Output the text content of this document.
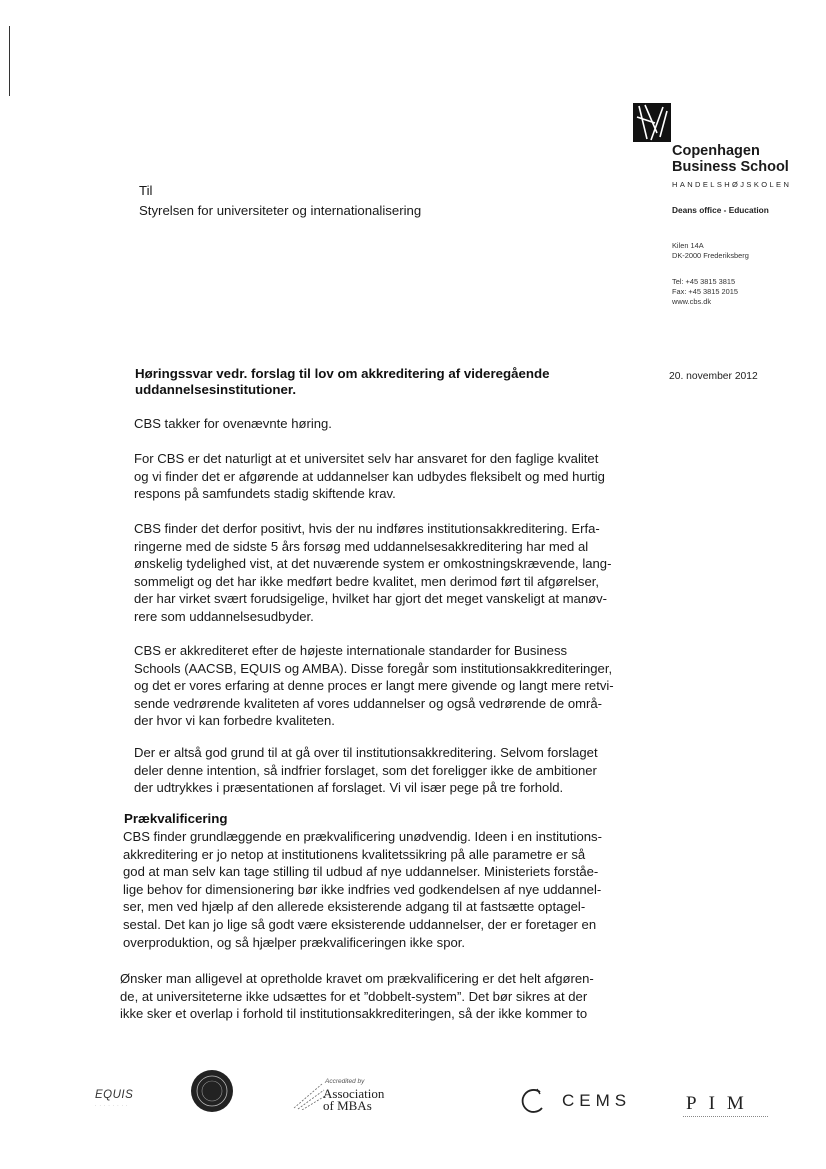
Copenhagen
Business School
HANDELSHØJSKOLEN
Deans office - Education
Kilen 14A
DK-2000 Frederiksberg
Tel: +45 3815 3815
Fax: +45 3815 2015
www.cbs.dk
Til
Styrelsen for universiteter og internationalisering
20. november 2012
Høringssvar vedr. forslag til lov om akkreditering af videregående
uddannelsesinstitutioner.
CBS takker for ovenævnte høring.
For CBS er det naturligt at et universitet selv har ansvaret for den faglige kvalitet
og vi finder det er afgørende at uddannelser kan udbydes fleksibelt og med hurtig
respons på samfundets stadig skiftende krav.
CBS finder det derfor positivt, hvis der nu indføres institutionsakkreditering. Erfa-
ringerne med de sidste 5 års forsøg med uddannelsesakkreditering har med al
ønskelig tydelighed vist, at det nuværende system er omkostningskrævende, lang-
sommeligt og det har ikke medført bedre kvalitet, men derimod ført til afgørelser,
der har virket svært forudsigelige, hvilket har gjort det meget vanskeligt at manøv-
rere som uddannelsesudbyder.
CBS er akkrediteret efter de højeste internationale standarder for Business
Schools (AACSB, EQUIS og AMBA). Disse foregår som institutionsakkrediteringer,
og det er vores erfaring at denne proces er langt mere givende og langt mere retvi-
sende vedrørende kvaliteten af vores uddannelser og også vedrørende de områ-
der hvor vi kan forbedre kvaliteten.
Der er altså god grund til at gå over til institutionsakkreditering. Selvom forslaget
deler denne intention, så indfrier forslaget, som det foreligger ikke de ambitioner
der udtrykkes i præsentationen af forslaget. Vi vil især pege på tre forhold.
Prækvalificering
CBS finder grundlæggende en prækvalificering unødvendig. Ideen i en institutions-
akkreditering er jo netop at institutionens kvalitetssikring på alle parametre er så
god at man selv kan tage stilling til udbud af nye uddannelser. Ministeriets forståe-
lige behov for dimensionering bør ikke indfries ved godkendelsen af nye uddannel-
ser, men ved hjælp af den allerede eksisterende adgang til at fastsætte optagel-
sestal. Det kan jo lige så godt være eksisterende uddannelser, der er foretager en
overproduktion, og så hjælper prækvalificeringen ikke spor.
Ønsker man alligevel at opretholde kravet om prækvalificering er det helt afgøren-
de, at universiteterne ikke udsættes for et ”dobbelt-system”. Det bør sikres at der
ikke sker et overlap i forhold til institutionsakkrediteringen, så der ikke kommer to
EQUIS
· · · · · · · ·
Accredited by
Association
of MBAs	CEMS	PIM
